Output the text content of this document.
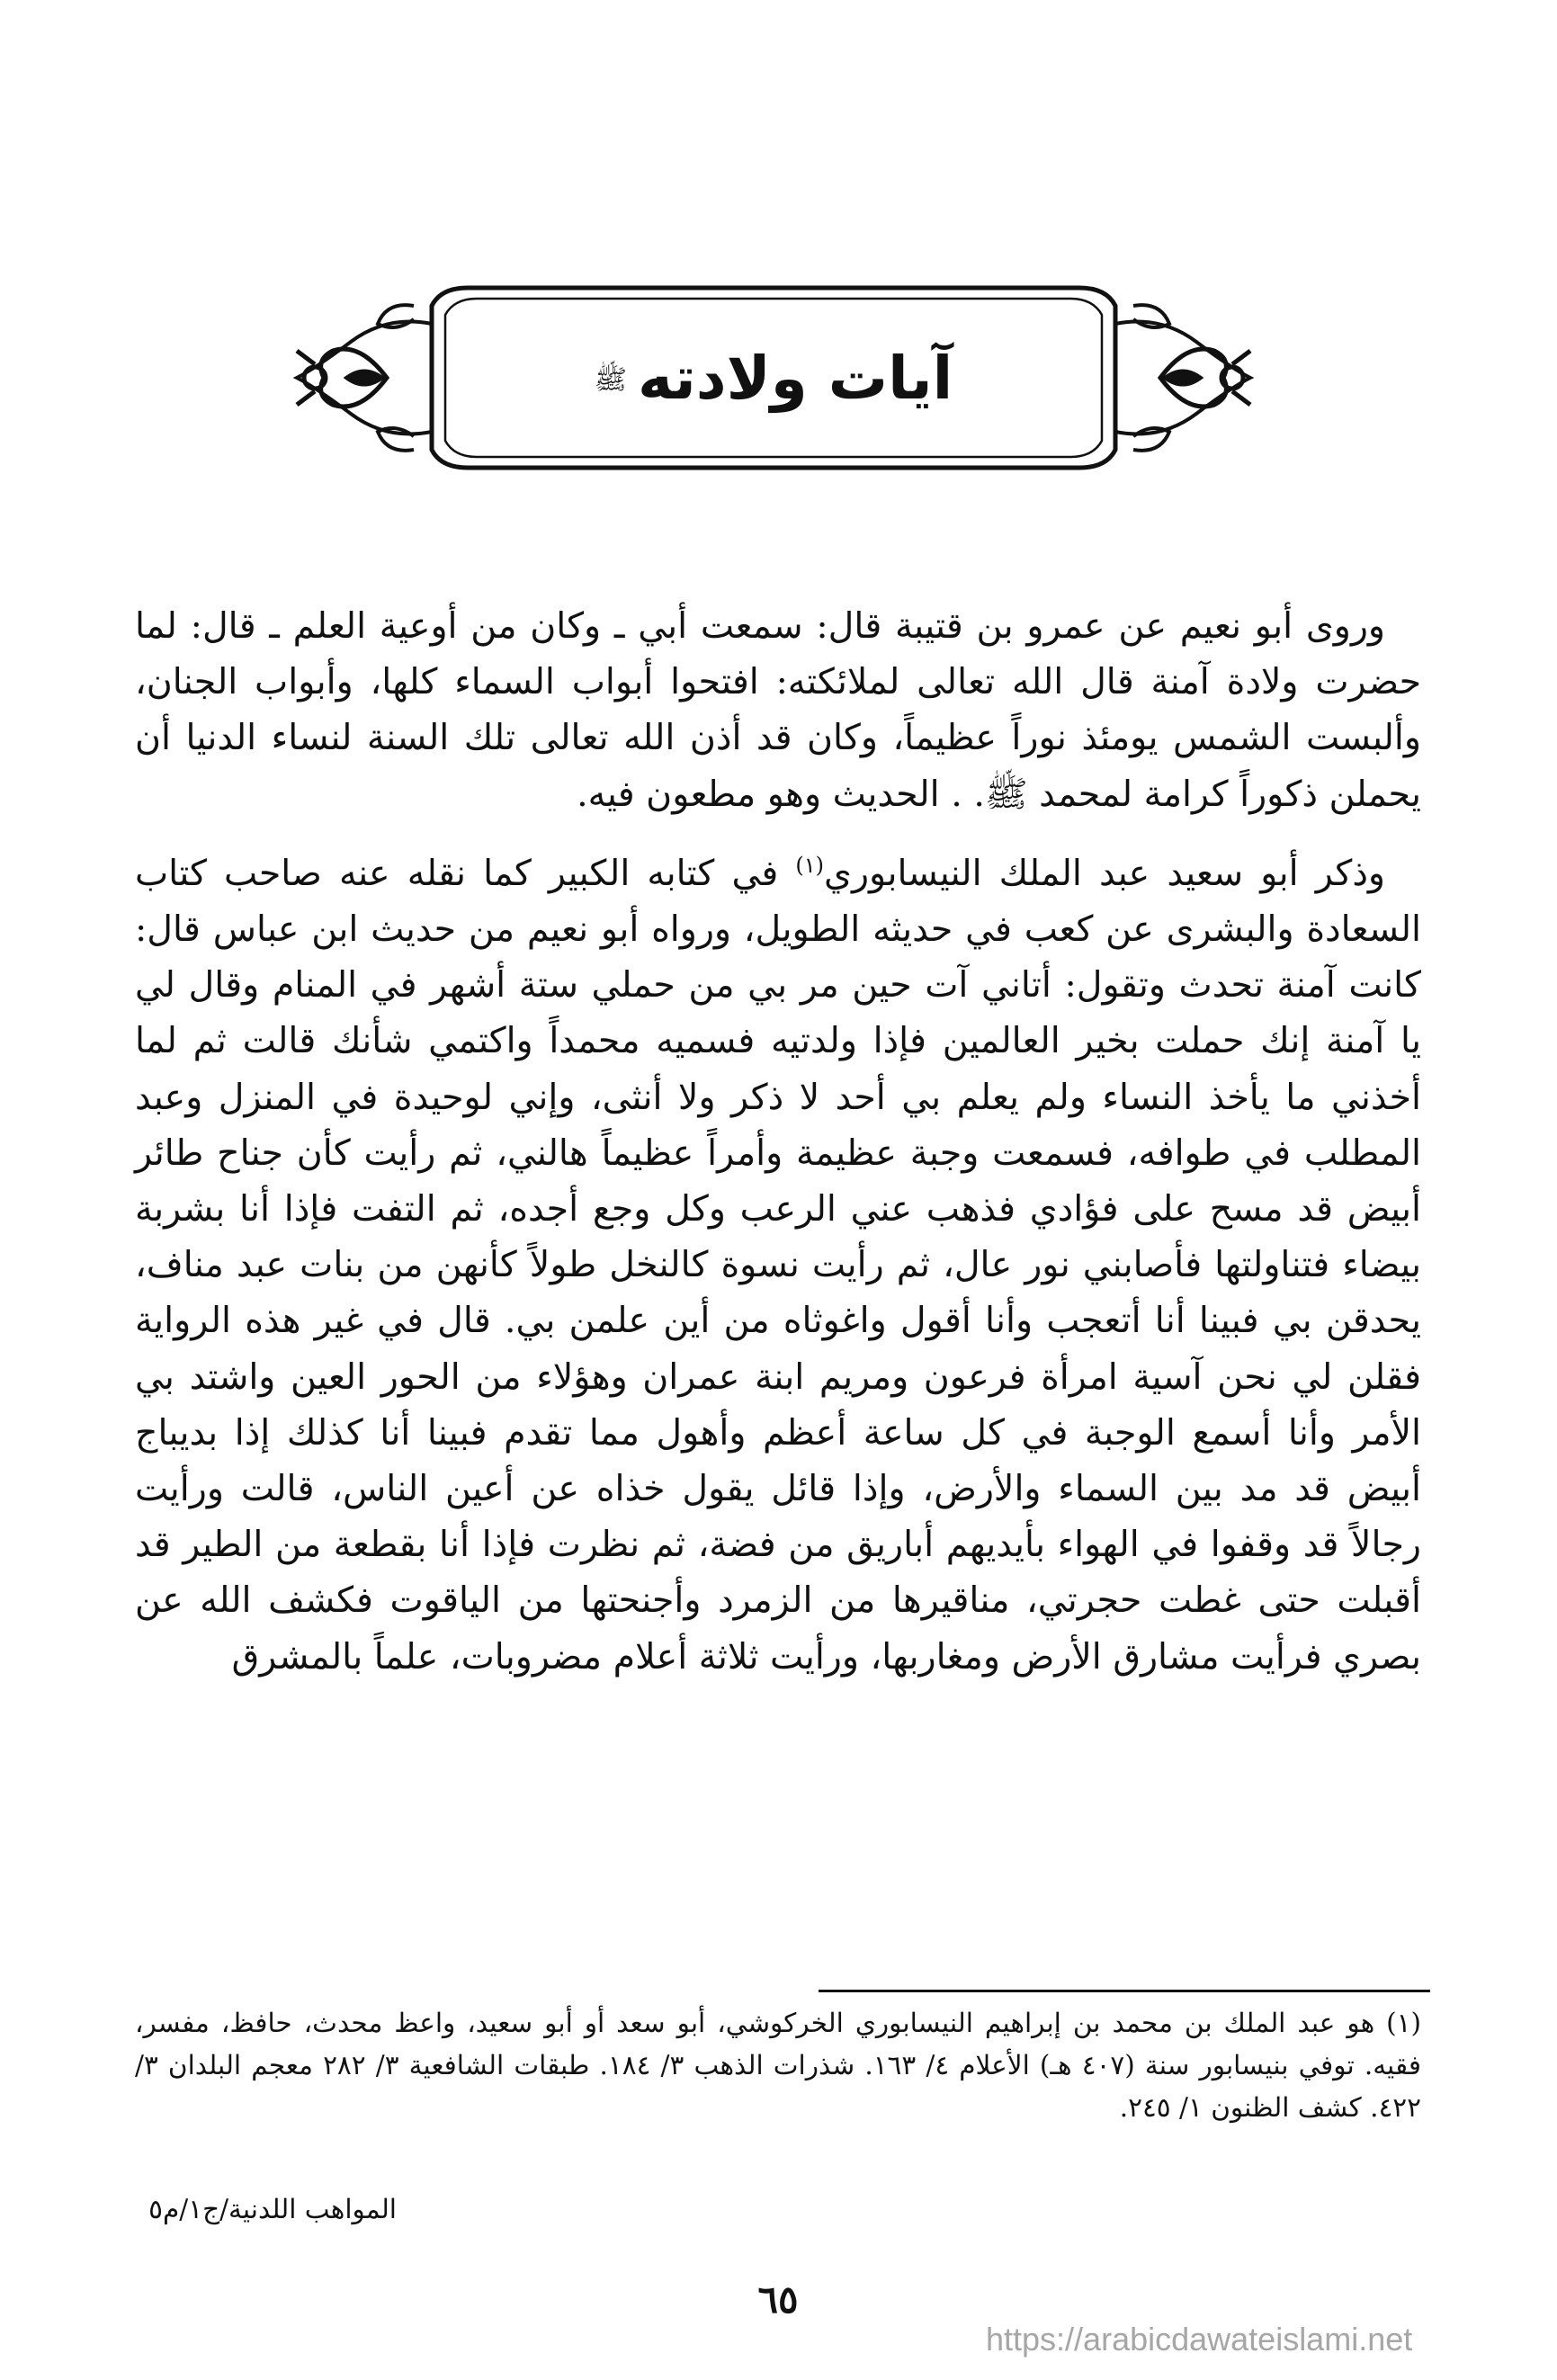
آيات ولادته
ﷺ

وروى أبو نعيم عن عمرو بن قتيبة قال: سمعت أبي ـ وكان من أوعية العلم ـ قال: لما حضرت ولادة آمنة قال الله تعالى لملائكته: افتحوا أبواب السماء كلها، وأبواب الجنان، وألبست الشمس يومئذ نوراً عظيماً، وكان قد أذن الله تعالى تلك السنة لنساء الدنيا أن يحملن ذكوراً كرامة لمحمد ﷺ. . الحديث وهو مطعون فيه.

وذكر أبو سعيد عبد الملك النيسابوري$^{(١)}$ في كتابه الكبير كما نقله عنه صاحب كتاب السعادة والبشرى عن كعب في حديثه الطويل، ورواه أبو نعيم من حديث ابن عباس قال: كانت آمنة تحدث وتقول: أتاني آت حين مر بي من حملي ستة أشهر في المنام وقال لي يا آمنة إنك حملت بخير العالمين فإذا ولدتيه فسميه محمداً واكتمي شأنك قالت ثم لما أخذني ما يأخذ النساء ولم يعلم بي أحد لا ذكر ولا أنثى، وإني لوحيدة في المنزل وعبد المطلب في طوافه، فسمعت وجبة عظيمة وأمراً عظيماً هالني، ثم رأيت كأن جناح طائر أبيض قد مسح على فؤادي فذهب عني الرعب وكل وجع أجده، ثم التفت فإذا أنا بشربة بيضاء فتناولتها فأصابني نور عال، ثم رأيت نسوة كالنخل طولاً كأنهن من بنات عبد مناف، يحدقن بي فبينا أنا أتعجب وأنا أقول واغوثاه من أين علمن بي. قال في غير هذه الرواية فقلن لي نحن آسية امرأة فرعون ومريم ابنة عمران وهؤلاء من الحور العين واشتد بي الأمر وأنا أسمع الوجبة في كل ساعة أعظم وأهول مما تقدم فبينا أنا كذلك إذا بديباج أبيض قد مد بين السماء والأرض، وإذا قائل يقول خذاه عن أعين الناس، قالت ورأيت رجالاً قد وقفوا في الهواء بأيديهم أباريق من فضة، ثم نظرت فإذا أنا بقطعة من الطير قد أقبلت حتى غطت حجرتي، مناقيرها من الزمرد وأجنحتها من الياقوت فكشف الله عن بصري فرأيت مشارق الأرض ومغاربها، ورأيت ثلاثة أعلام مضروبات، علماً بالمشرق

(١) هو عبد الملك بن محمد بن إبراهيم النيسابوري الخركوشي، أبو سعد أو أبو سعيد، واعظ محدث، حافظ، مفسر، فقيه. توفي بنيسابور سنة (٤٠٧ هـ) الأعلام ٤/ ١٦٣. شذرات الذهب ٣/ ١٨٤. طبقات الشافعية ٣/ ٢٨٢ معجم البلدان ٣/ ٤٢٢. كشف الظنون ١/ ٢٤٥.

المواهب اللدنية/ج١/م٥
٦٥
https://arabicdawateislami.net
